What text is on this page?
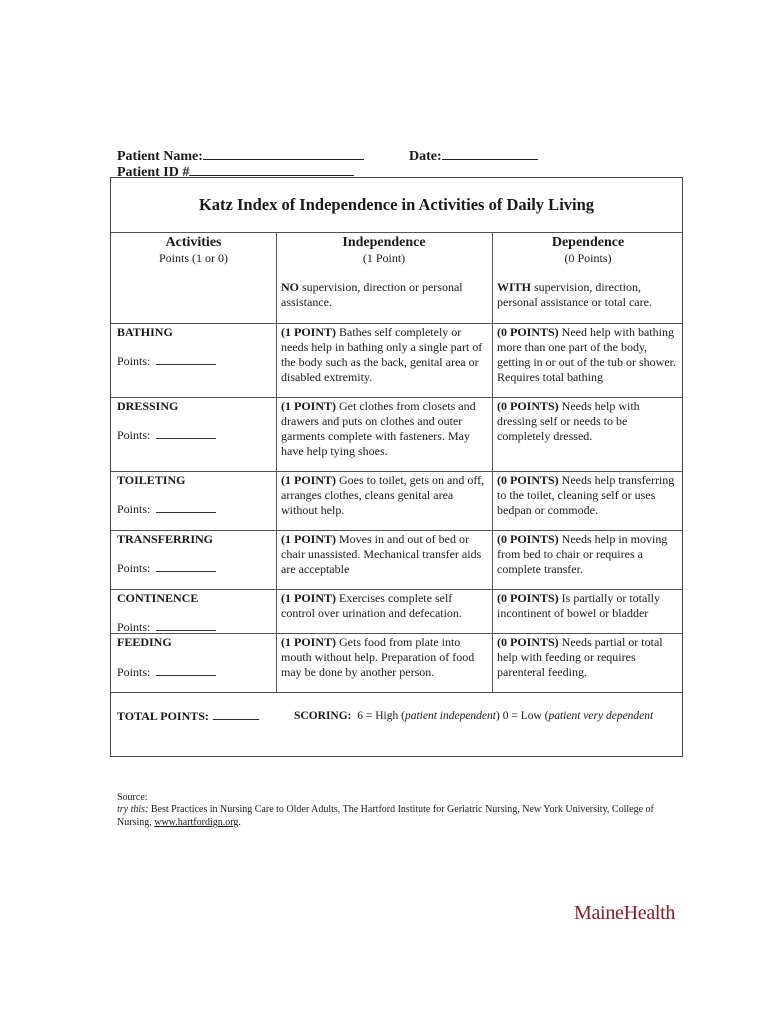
Patient Name:	Date:
Patient ID #
Katz Index of Independence in Activities of Daily Living
Activities
Points (1 or 0)
Independence
(1 Point)
Dependence
(0 Points)
NO supervision, direction or personal assistance.
WITH supervision, direction, personal assistance or total care.
BATHING
Points:
(1 POINT) Bathes self completely or needs help in bathing only a single part of the body such as the back, genital area or disabled extremity.
(0 POINTS) Need help with bathing more than one part of the body, getting in or out of the tub or shower. Requires total bathing
DRESSING
Points:
(1 POINT) Get clothes from closets and drawers and puts on clothes and outer garments complete with fasteners. May have help tying shoes.
(0 POINTS) Needs help with dressing self or needs to be completely dressed.
TOILETING
Points:
(1 POINT) Goes to toilet, gets on and off, arranges clothes, cleans genital area without help.
(0 POINTS) Needs help transferring to the toilet, cleaning self or uses bedpan or commode.
TRANSFERRING
Points:
(1 POINT) Moves in and out of bed or chair unassisted. Mechanical transfer aids are acceptable
(0 POINTS) Needs help in moving from bed to chair or requires a complete transfer.
CONTINENCE
Points:
(1 POINT) Exercises complete self control over urination and defecation.
(0 POINTS) Is partially or totally incontinent of bowel or bladder
FEEDING
Points:
(1 POINT) Gets food from plate into mouth without help. Preparation of food may be done by another person.
(0 POINTS) Needs partial or total help with feeding or requires parenteral feeding.
TOTAL POINTS:	SCORING: 6 = High (patient independent) 0 = Low (patient very dependent
Source:
try this: Best Practices in Nursing Care to Older Adults, The Hartford Institute for Geriatric Nursing, New York University, College of Nursing, www.hartfordign.org.
MaineHealth
